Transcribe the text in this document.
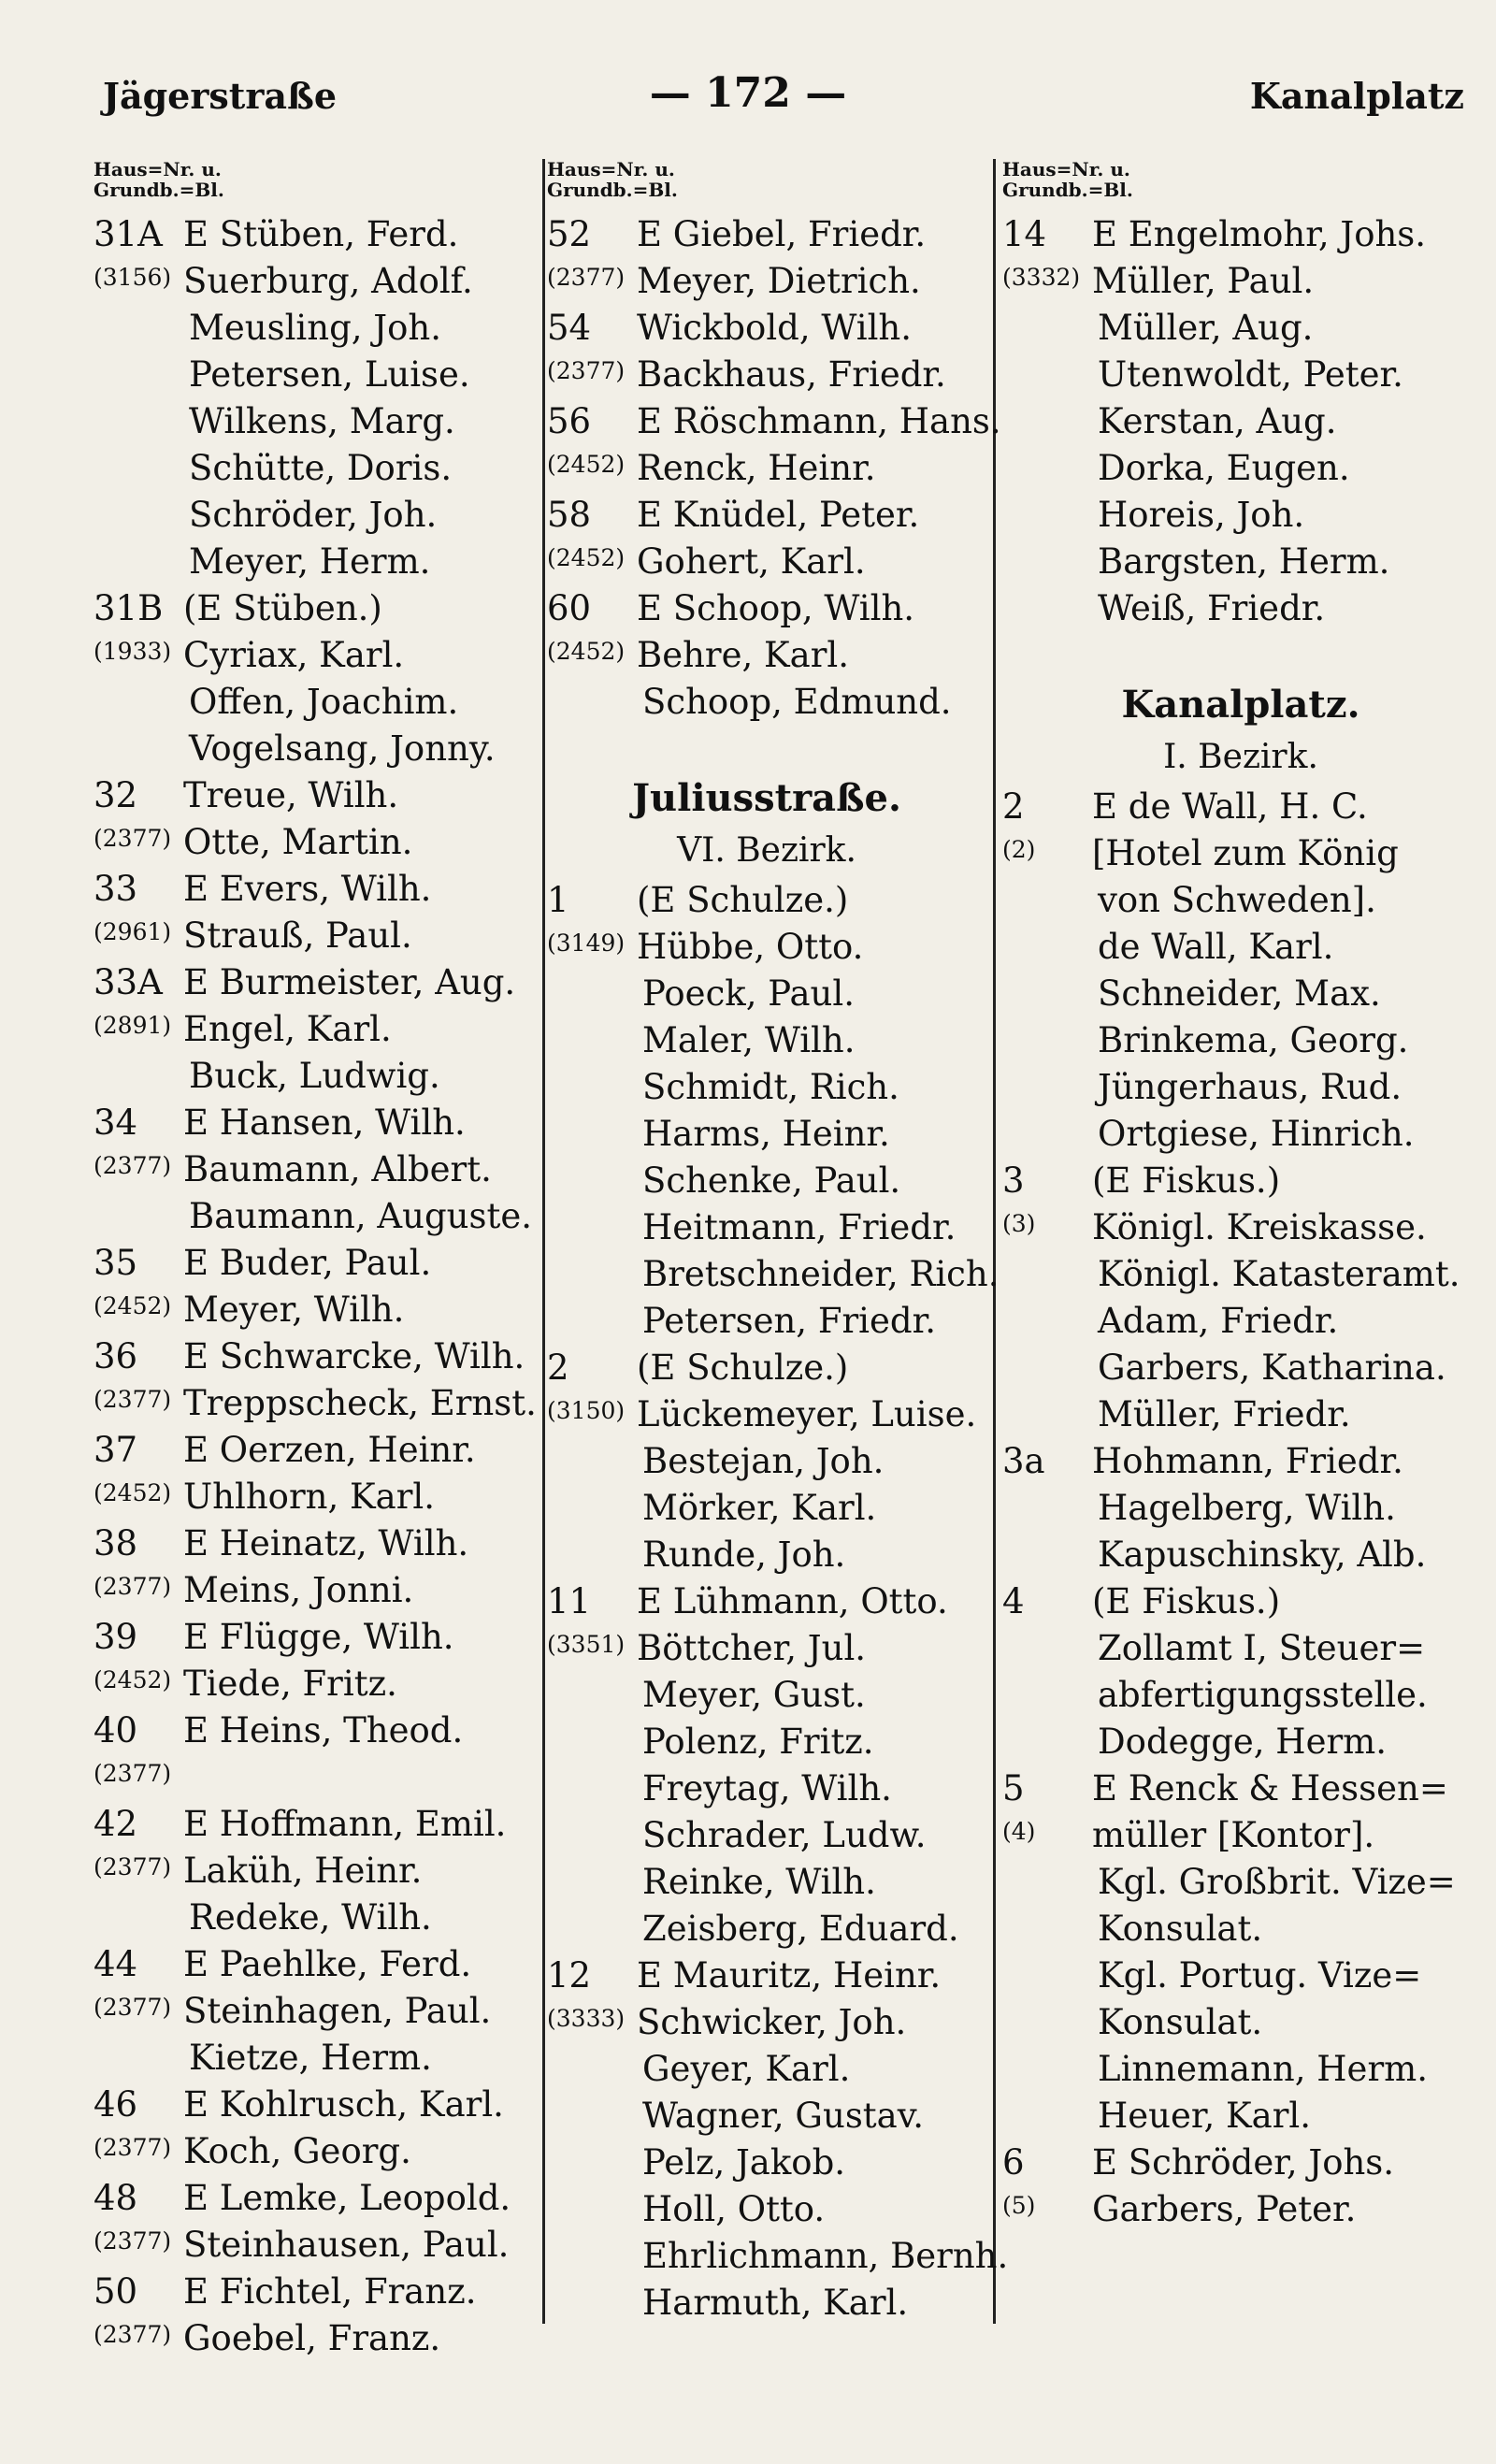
Jägerstraße	— 172 —	Kanalplatz
Haus=Nr. u.
Grundb.=Bl.
31A E Stüben, Ferd.
(3156) Suerburg, Adolf.
Meusling, Joh.
Petersen, Luise.
Wilkens, Marg.
Schütte, Doris.
Schröder, Joh.
Meyer, Herm.
31B (E Stüben.)
(1933) Cyriax, Karl.
Offen, Joachim.
Vogelsang, Jonny.
32	Treue, Wilh.
(2377) Otte, Martin.
33	E Evers, Wilh.
(2961) Strauß, Paul.
33A E Burmeister, Aug.
(2891) Engel, Karl.
Buck, Ludwig.
34	E Hansen, Wilh.
(2377) Baumann, Albert.
Baumann, Auguste.
35	E Buder, Paul.
(2452) Meyer, Wilh.
36	E Schwarcke, Wilh.
(2377) Treppscheck, Ernst.
37	E Oerzen, Heinr.
(2452) Uhlhorn, Karl.
38	E Heinatz, Wilh.
(2377) Meins, Jonni.
39	E Flügge, Wilh.
(2452) Tiede, Fritz.
40	E Heins, Theod.
(2377)
42	E Hoffmann, Emil.
(2377) Laküh, Heinr.
Redeke, Wilh.
44	E Paehlke, Ferd.
(2377) Steinhagen, Paul.
Kietze, Herm.
46	E Kohlrusch, Karl.
(2377) Koch, Georg.
48	E Lemke, Leopold.
(2377) Steinhausen, Paul.
50	E Fichtel, Franz.
(2377) Goebel, Franz.
Haus=Nr. u.
Grundb.=Bl.
52	E Giebel, Friedr.
(2377) Meyer, Dietrich.
54	Wickbold, Wilh.
(2377) Backhaus, Friedr.
56	E Röschmann, Hans.
(2452) Renck, Heinr.
58	E Knüdel, Peter.
(2452) Gohert, Karl.
60	E Schoop, Wilh.
(2452) Behre, Karl.
Schoop, Edmund.
Juliusstraße.
VI. Bezirk.
1	(E Schulze.)
(3149) Hübbe, Otto.
Poeck, Paul.
Maler, Wilh.
Schmidt, Rich.
Harms, Heinr.
Schenke, Paul.
Heitmann, Friedr.
Bretschneider, Rich.
Petersen, Friedr.
2	(E Schulze.)
(3150) Lückemeyer, Luise.
Bestejan, Joh.
Mörker, Karl.
Runde, Joh.
11	E Lühmann, Otto.
(3351) Böttcher, Jul.
Meyer, Gust.
Polenz, Fritz.
Freytag, Wilh.
Schrader, Ludw.
Reinke, Wilh.
Zeisberg, Eduard.
12	E Mauritz, Heinr.
(3333) Schwicker, Joh.
Geyer, Karl.
Wagner, Gustav.
Pelz, Jakob.
Holl, Otto.
Ehrlichmann, Bernh.
Harmuth, Karl.
Haus=Nr. u.
Grundb.=Bl.
14	E Engelmohr, Johs.
(3332) Müller, Paul.
Müller, Aug.
Utenwoldt, Peter.
Kerstan, Aug.
Dorka, Eugen.
Horeis, Joh.
Bargsten, Herm.
Weiß, Friedr.
Kanalplatz.
I. Bezirk.
2	E de Wall, H. C.
(2)	[Hotel zum König
von Schweden].
de Wall, Karl.
Schneider, Max.
Brinkema, Georg.
Jüngerhaus, Rud.
Ortgiese, Hinrich.
3	(E Fiskus.)
(3)	Königl. Kreiskasse.
Königl. Katasteramt.
Adam, Friedr.
Garbers, Katharina.
Müller, Friedr.
3a	Hohmann, Friedr.
Hagelberg, Wilh.
Kapuschinsky, Alb.
4	(E Fiskus.)
Zollamt I, Steuer=
abfertigungsstelle.
Dodegge, Herm.
5	E Renck & Hessen=
(4)	müller [Kontor].
Kgl. Großbrit. Vize=
Konsulat.
Kgl. Portug. Vize=
Konsulat.
Linnemann, Herm.
Heuer, Karl.
6	E Schröder, Johs.
(5)	Garbers, Peter.
